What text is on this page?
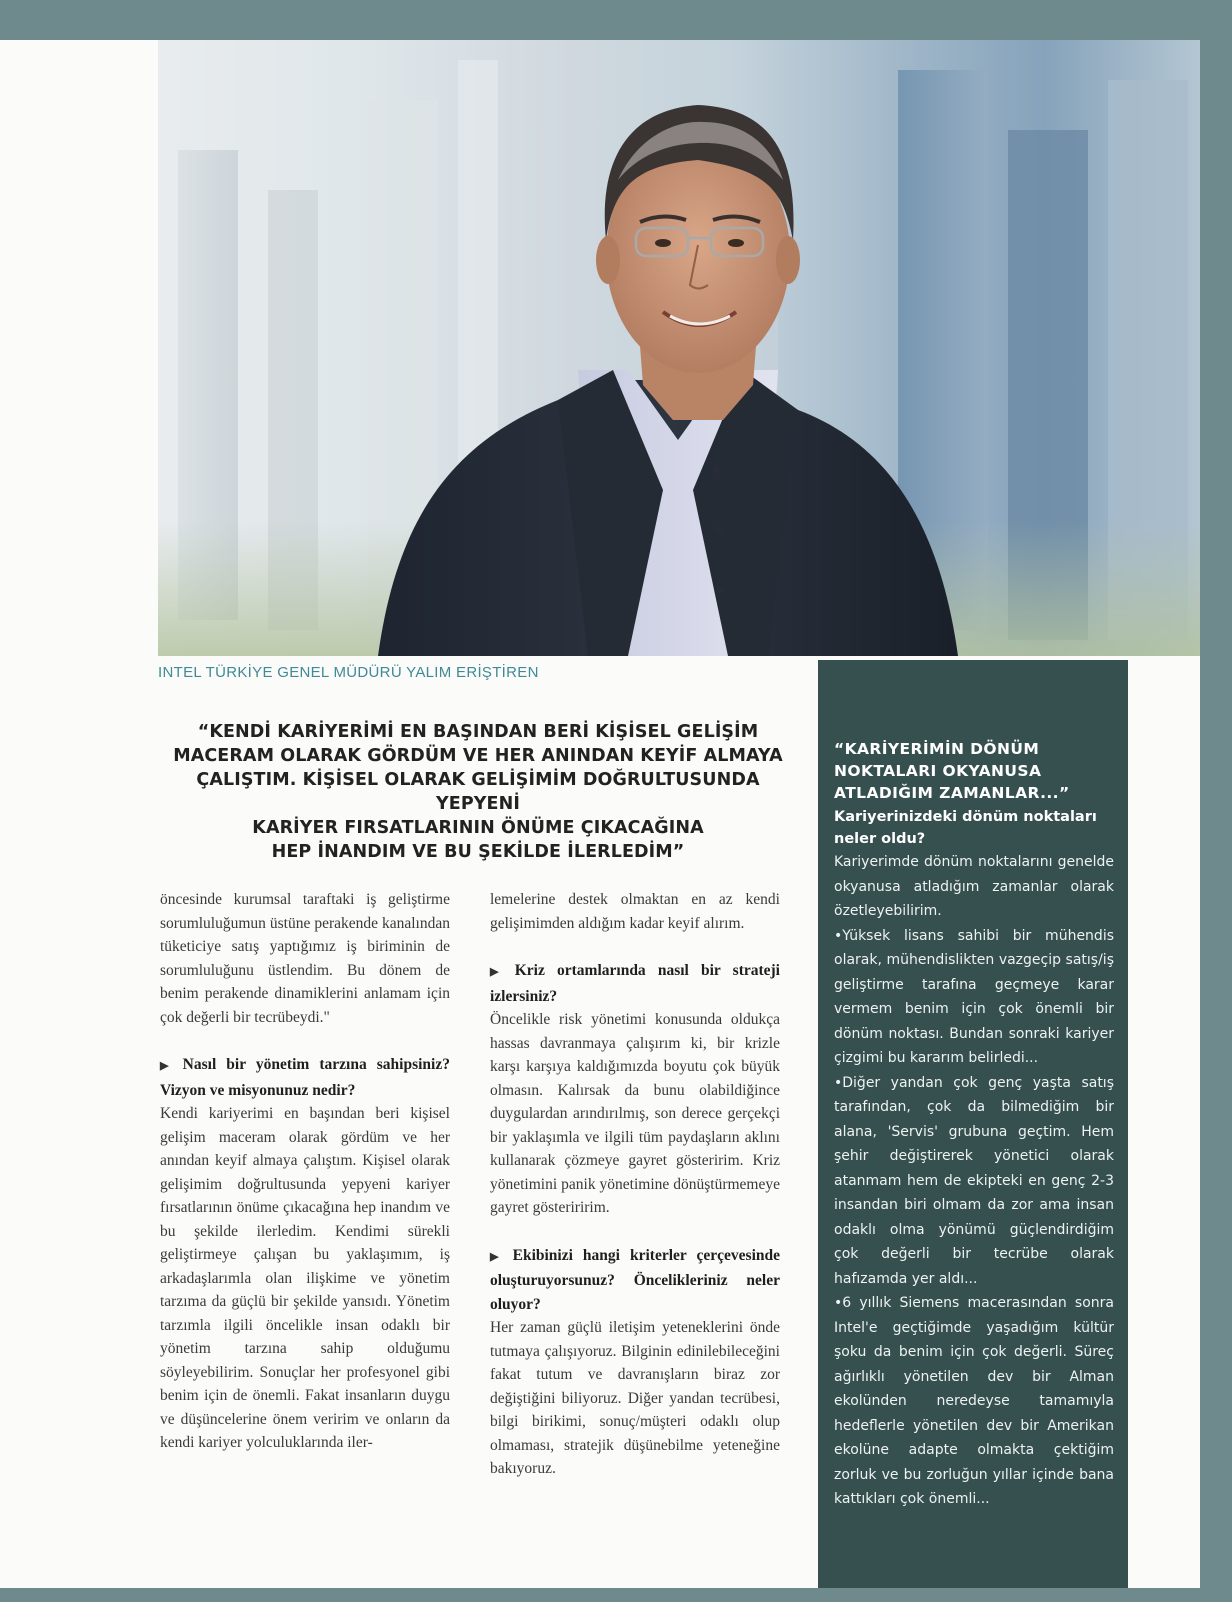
INTEL TÜRKİYE GENEL MÜDÜRÜ YALIM ERİŞTİREN
“KENDİ KARİYERİMİ EN BAŞINDAN BERİ KİŞİSEL GELİŞİM
MACERAM OLARAK GÖRDÜM VE HER ANINDAN KEYİF ALMAYA
ÇALIŞTIM. KİŞİSEL OLARAK GELİŞİMİM DOĞRULTUSUNDA YEPYENİ
KARİYER FIRSATLARININ ÖNÜME ÇIKACAĞINA
HEP İNANDIM VE BU ŞEKİLDE İLERLEDİM”

öncesinde kurumsal taraftaki iş geliştirme sorumluluğumun üstüne perakende kanalından tüketiciye satış yaptığımız iş biriminin de sorumluluğunu üstlendim. Bu dönem de benim perakende dinamiklerini anlamam için çok değerli bir tecrübeydi."

▶ Nasıl bir yönetim tarzına sahipsiniz? Vizyon ve misyonunuz nedir?

Kendi kariyerimi en başından beri kişisel gelişim maceram olarak gördüm ve her anından keyif almaya çalıştım. Kişisel olarak gelişimim doğrultusunda yepyeni kariyer fırsatlarının önüme çıkacağına hep inandım ve bu şekilde ilerledim. Kendimi sürekli geliştirmeye çalışan bu yaklaşımım, iş arkadaşlarımla olan ilişkime ve yönetim tarzıma da güçlü bir şekilde yansıdı. Yönetim tarzımla ilgili öncelikle insan odaklı bir yönetim tarzına sahip olduğumu söyleyebilirim. Sonuçlar her profesyonel gibi benim için de önemli. Fakat insanların duygu ve düşüncelerine önem veririm ve onların da kendi kariyer yolculuklarında iler-

lemelerine destek olmaktan en az kendi gelişimimden aldığım kadar keyif alırım.

▶ Kriz ortamlarında nasıl bir strateji izlersiniz?

Öncelikle risk yönetimi konusunda oldukça hassas davranmaya çalışırım ki, bir krizle karşı karşıya kaldığımızda boyutu çok büyük olmasın. Kalırsak da bunu olabildiğince duygulardan arındırılmış, son derece gerçekçi bir yaklaşımla ve ilgili tüm paydaşların aklını kullanarak çözmeye gayret gösteririm. Kriz yönetimini panik yönetimine dönüştürmemeye gayret gösteriririm.

▶ Ekibinizi hangi kriterler çerçevesinde oluşturuyorsunuz? Öncelikleriniz neler oluyor?

Her zaman güçlü iletişim yeteneklerini önde tutmaya çalışıyoruz. Bilginin edinilebileceğini fakat tutum ve davranışların biraz zor değiştiğini biliyoruz. Diğer yandan tecrübesi, bilgi birikimi, sonuç/müşteri odaklı olup olmaması, stratejik düşünebilme yeteneğine bakıyoruz.

“KARİYERİMİN DÖNÜM NOKTALARI OKYANUSA ATLADIĞIM ZAMANLAR...”
Kariyerinizdeki dönüm noktaları neler oldu?

Kariyerimde dönüm noktalarını genelde okyanusa atladığım zamanlar olarak özetleyebilirim.

•Yüksek lisans sahibi bir mühendis olarak, mühendislikten vazgeçip satış/iş geliştirme tarafına geçmeye karar vermem benim için çok önemli bir dönüm noktası. Bundan sonraki kariyer çizgimi bu kararım belirledi...

•Diğer yandan çok genç yaşta satış tarafından, çok da bilmediğim bir alana, 'Servis' grubuna geçtim. Hem şehir değiştirerek yönetici olarak atanmam hem de ekipteki en genç 2-3 insandan biri olmam da zor ama insan odaklı olma yönümü güçlendirdiğim çok değerli bir tecrübe olarak hafızamda yer aldı...

•6 yıllık Siemens macerasından sonra Intel'e geçtiğimde yaşadığım kültür şoku da benim için çok değerli. Süreç ağırlıklı yönetilen dev bir Alman ekolünden neredeyse tamamıyla hedeflerle yönetilen dev bir Amerikan ekolüne adapte olmakta çektiğim zorluk ve bu zorluğun yıllar içinde bana kattıkları çok önemli...
